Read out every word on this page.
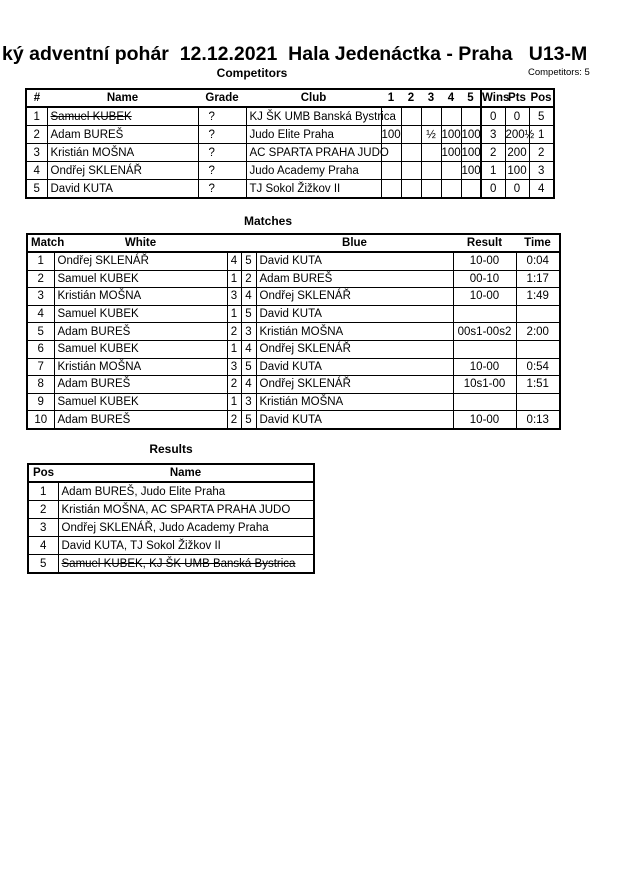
ký adventní pohár  12.12.2021  Hala Jedenáctka - Praha   U13-M
Competitors	Competitors: 5
#	Name	Grade	Club	1	2	3	4	5	Wins	Pts	Pos
1	Samuel KUBEK	?	KJ ŠK UMB Banská Bystrica						0	0	5
2	Adam BUREŠ	?	Judo Elite Praha	100		½	100	100	3	200½	1
3	Kristián MOŠNA	?	AC SPARTA PRAHA JUDO				100	100	2	200	2
4	Ondřej SKLENÁŘ	?	Judo Academy Praha					100	1	100	3
5	David KUTA	?	TJ Sokol Žižkov II						0	0	4
Matches
Match	White			Blue	Result	Time
1	Ondřej SKLENÁŘ	4	5	David KUTA	10-00	0:04
2	Samuel KUBEK	1	2	Adam BUREŠ	00-10	1:17
3	Kristián MOŠNA	3	4	Ondřej SKLENÁŘ	10-00	1:49
4	Samuel KUBEK	1	5	David KUTA		
5	Adam BUREŠ	2	3	Kristián MOŠNA	00s1-00s2	2:00
6	Samuel KUBEK	1	4	Ondřej SKLENÁŘ		
7	Kristián MOŠNA	3	5	David KUTA	10-00	0:54
8	Adam BUREŠ	2	4	Ondřej SKLENÁŘ	10s1-00	1:51
9	Samuel KUBEK	1	3	Kristián MOŠNA		
10	Adam BUREŠ	2	5	David KUTA	10-00	0:13
Results
Pos	Name
1	Adam BUREŠ, Judo Elite Praha
2	Kristián MOŠNA, AC SPARTA PRAHA JUDO
3	Ondřej SKLENÁŘ, Judo Academy Praha
4	David KUTA, TJ Sokol Žižkov II
5	Samuel KUBEK, KJ ŠK UMB Banská Bystrica
